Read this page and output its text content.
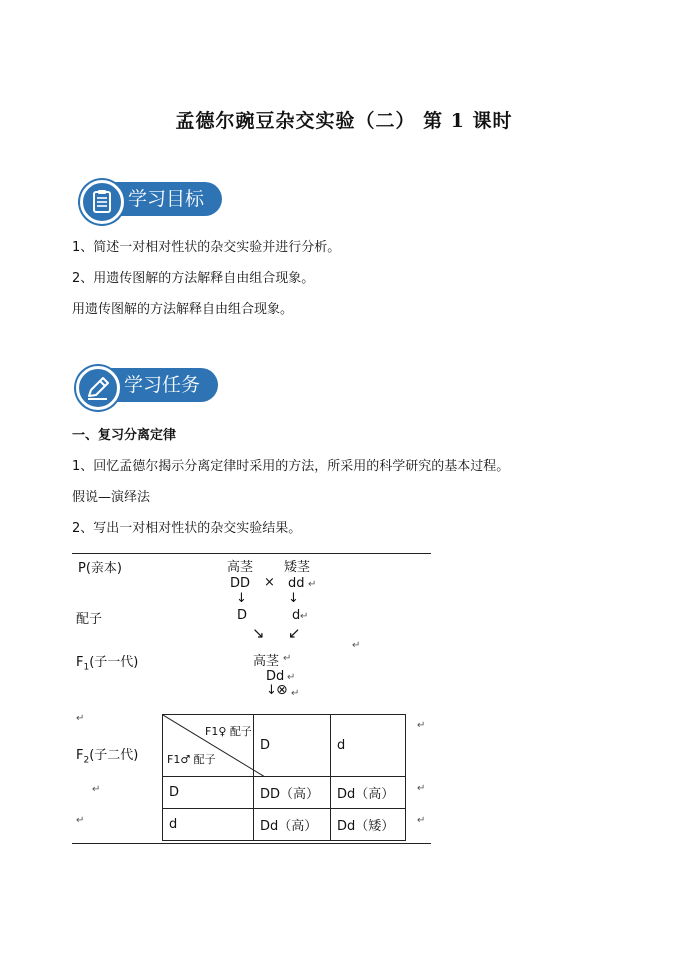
孟德尔豌豆杂交实验（二） 第 1 课时
学习目标
1、简述一对相对性状的杂交实验并进行分析。
2、用遗传图解的方法解释自由组合现象。
用遗传图解的方法解释自由组合现象。
学习任务
一、复习分离定律
1、回忆孟德尔揭示分离定律时采用的方法，所采用的科学研究的基本过程。
假说—演绎法
2、写出一对相对性状的杂交实验结果。
P(亲本)	高茎 矮茎
DD × dd ↵
↓	↓
配子	D	d ↵
↘ ↙
↵
$F_1$(子一代)	高茎 ↵
Dd ↵
↓ ⊗ ↵
↵
$F_2$(子二代)
↵
↵
F1♀ 配子
F1♂ 配子	D	d
D	DD（高）	Dd（高）
d	Dd（高）	Dd（矮）
↵
↵
↵
